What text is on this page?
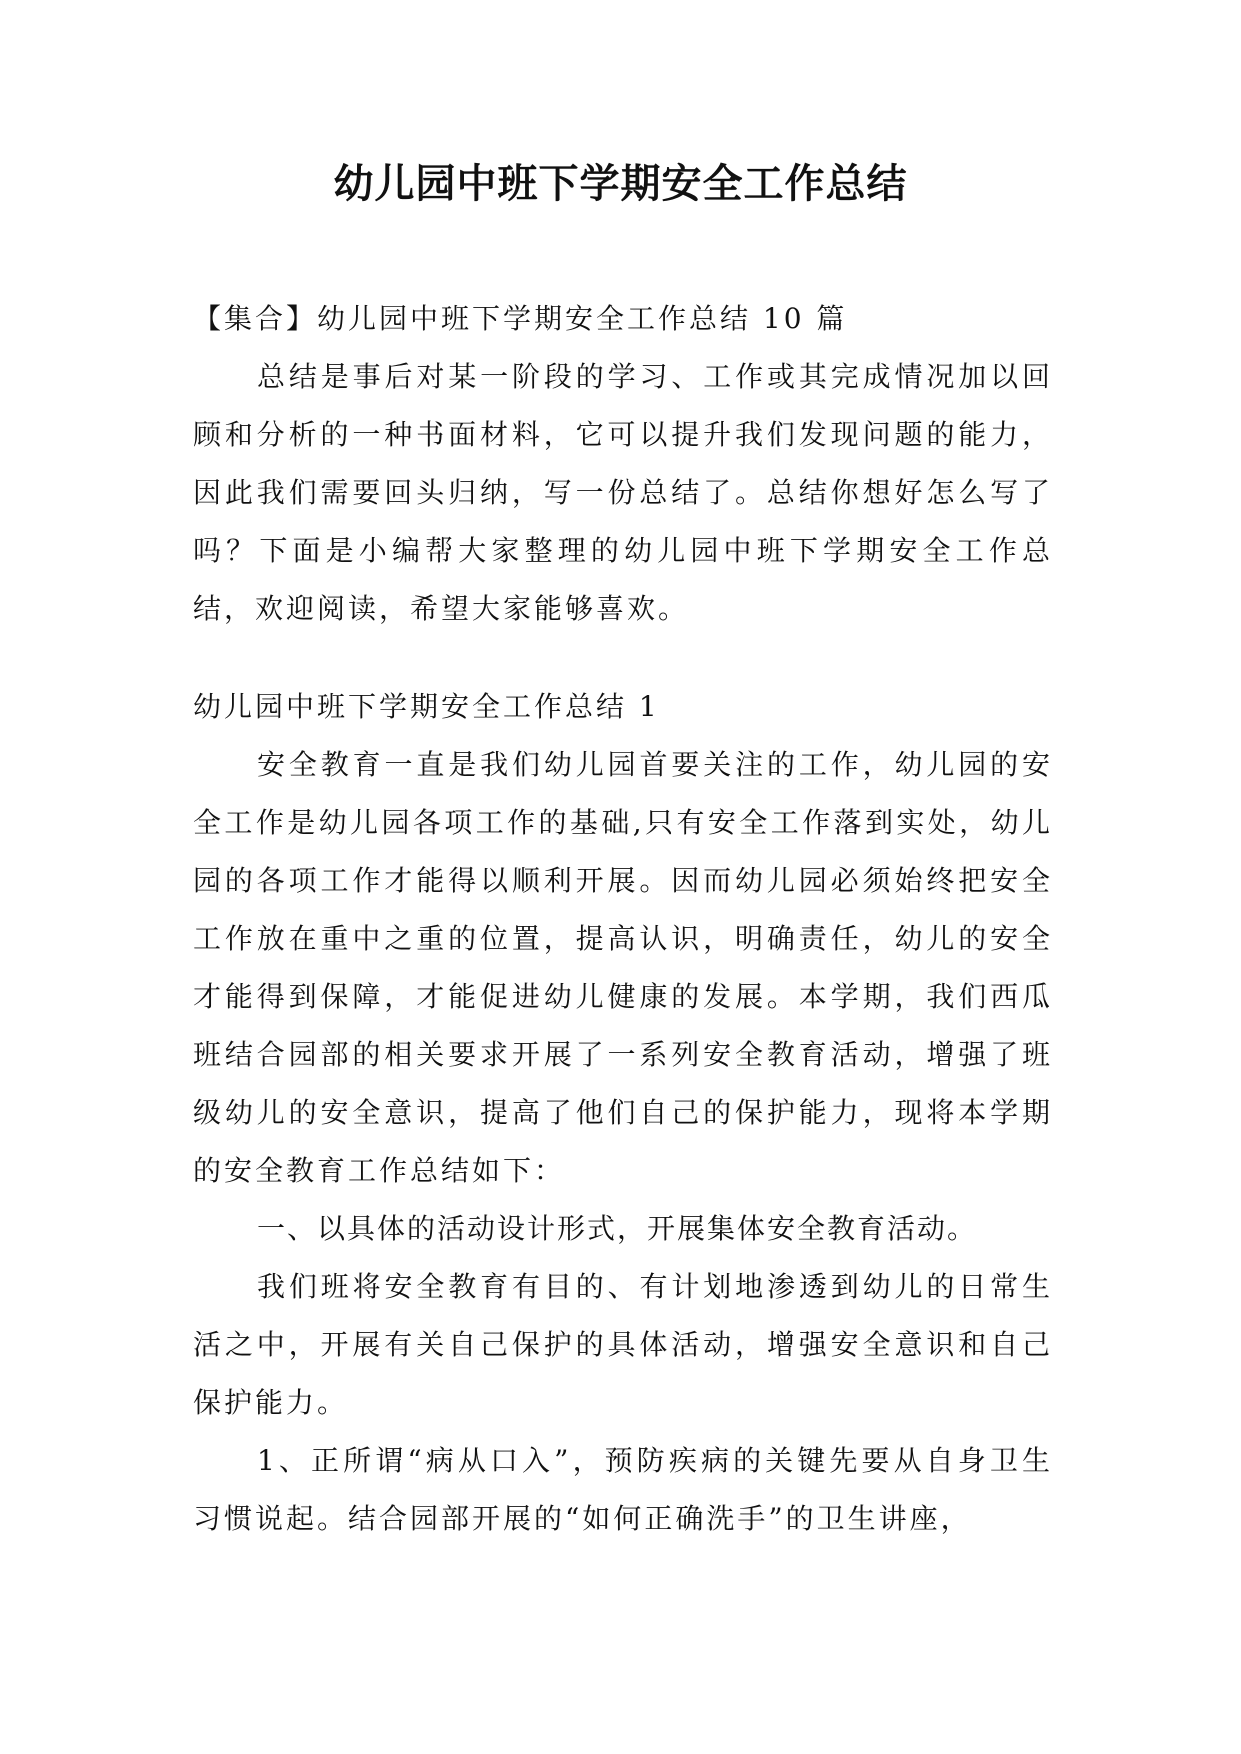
幼儿园中班下学期安全工作总结

【集合】幼儿园中班下学期安全工作总结 10 篇

总结是事后对某一阶段的学习、工作或其完成情况加以回顾和分析的一种书面材料，它可以提升我们发现问题的能力，因此我们需要回头归纳，写一份总结了。总结你想好怎么写了吗？下面是小编帮大家整理的幼儿园中班下学期安全工作总结，欢迎阅读，希望大家能够喜欢。

幼儿园中班下学期安全工作总结 1

安全教育一直是我们幼儿园首要关注的工作，幼儿园的安全工作是幼儿园各项工作的基础,只有安全工作落到实处，幼儿园的各项工作才能得以顺利开展。因而幼儿园必须始终把安全工作放在重中之重的位置，提高认识，明确责任，幼儿的安全才能得到保障，才能促进幼儿健康的发展。本学期，我们西瓜班结合园部的相关要求开展了一系列安全教育活动，增强了班级幼儿的安全意识，提高了他们自己的保护能力，现将本学期的安全教育工作总结如下：

一、以具体的活动设计形式，开展集体安全教育活动。

我们班将安全教育有目的、有计划地渗透到幼儿的日常生活之中，开展有关自己保护的具体活动，增强安全意识和自己保护能力。

1、正所谓“病从口入”，预防疾病的关键先要从自身卫生习惯说起。结合园部开展的“如何正确洗手”的卫生讲座，
